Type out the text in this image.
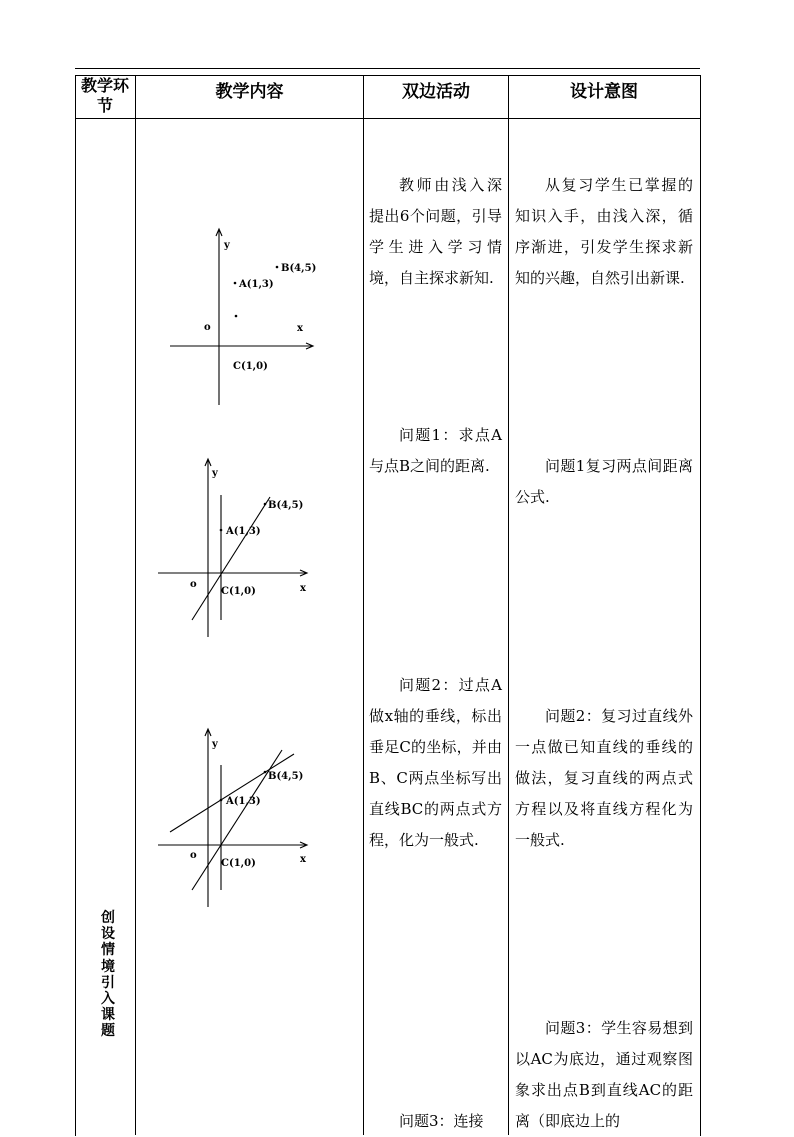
教学环节
教学内容	双边活动	设计意图
创设情境引入课题
y
x
o
A(1,3)
B(4,5)
C(1,0)
y
x
o
A(1,3)
B(4,5)
C(1,0)
y
x
o
A(1,3)
B(4,5)
C(1,0)
教师由浅入深提出6个问题，引导学生进入学习情境，自主探求新知.
问题1：求点A与点B之间的距离.
问题2：过点A做x轴的垂线，标出垂足C的坐标，并由B、C两点坐标写出直线BC的两点式方程，化为一般式.
问题3：连接
从复习学生已掌握的知识入手，由浅入深，循序渐进，引发学生探求新知的兴趣，自然引出新课.
问题1复习两点间距离公式.
问题2：复习过直线外一点做已知直线的垂线的做法，复习直线的两点式方程以及将直线方程化为一般式.
问题3：学生容易想到以AC为底边，通过观察图象求出点B到直线AC的距离（即底边上的
